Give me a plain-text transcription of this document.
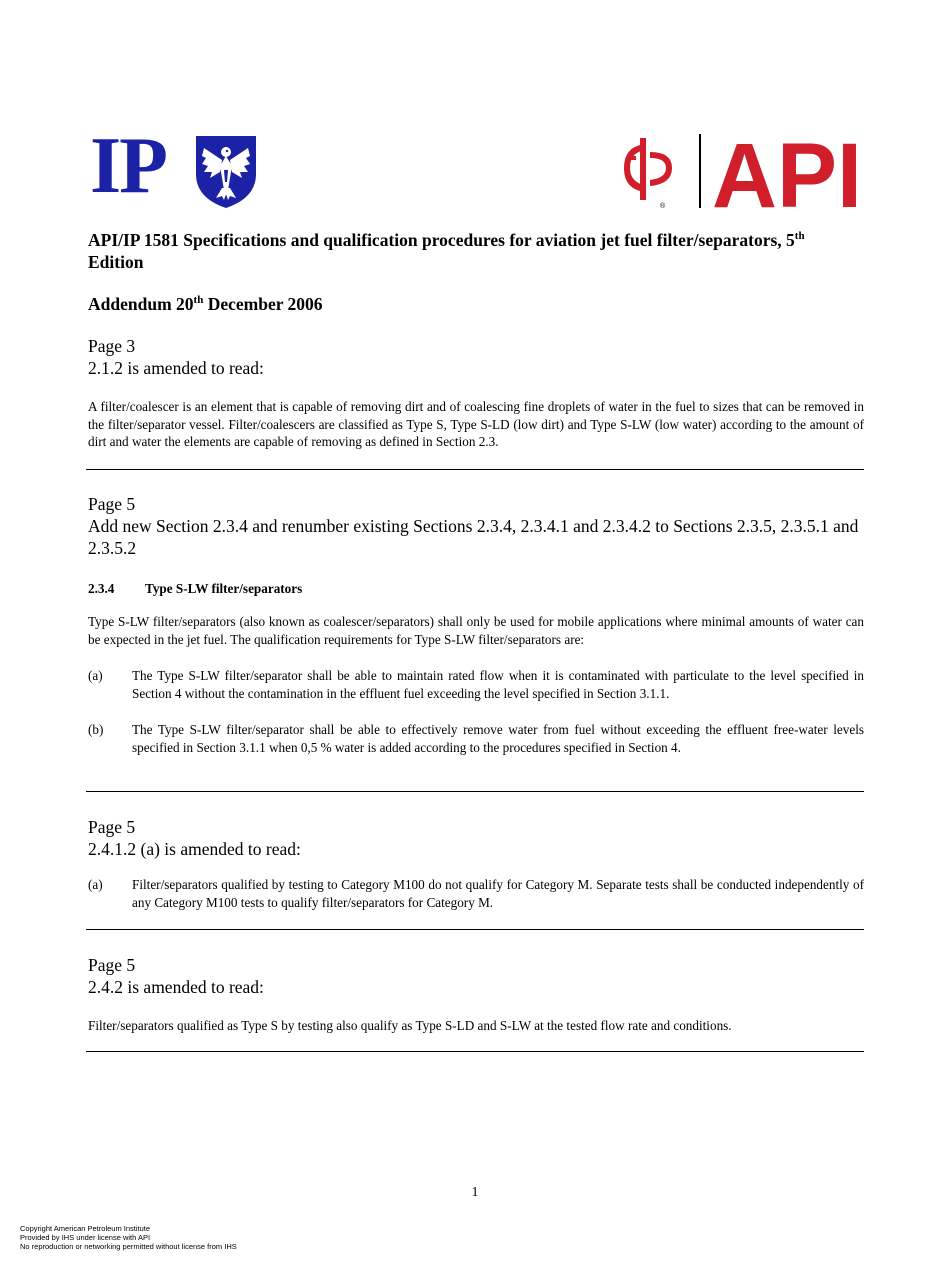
IP	® API
API/IP 1581 Specifications and qualification procedures for aviation jet fuel filter/separators, 5th
Edition
Addendum 20th December 2006
Page 3
2.1.2 is amended to read:
A filter/coalescer is an element that is capable of removing dirt and of coalescing fine droplets of water in the fuel to sizes that can be removed in the filter/separator vessel. Filter/coalescers are classified as Type S, Type S-LD (low dirt) and Type S-LW (low water) according to the amount of dirt and water the elements are capable of removing as defined in Section 2.3.
Page 5
Add new Section 2.3.4 and renumber existing Sections 2.3.4, 2.3.4.1 and 2.3.4.2 to Sections 2.3.5, 2.3.5.1 and 2.3.5.2
2.3.4 Type S-LW filter/separators
Type S-LW filter/separators (also known as coalescer/separators) shall only be used for mobile applications where minimal amounts of water can be expected in the jet fuel. The qualification requirements for Type S-LW filter/separators are:
(a) The Type S-LW filter/separator shall be able to maintain rated flow when it is contaminated with particulate to the level specified in Section 4 without the contamination in the effluent fuel exceeding the level specified in Section 3.1.1.
(b) The Type S-LW filter/separator shall be able to effectively remove water from fuel without exceeding the effluent free-water levels specified in Section 3.1.1 when 0,5 % water is added according to the procedures specified in Section 4.
Page 5
2.4.1.2 (a) is amended to read:
(a) Filter/separators qualified by testing to Category M100 do not qualify for Category M. Separate tests shall be conducted independently of any Category M100 tests to qualify filter/separators for Category M.
Page 5
2.4.2 is amended to read:
Filter/separators qualified as Type S by testing also qualify as Type S-LD and S-LW at the tested flow rate and conditions.
1
Copyright American Petroleum Institute
Provided by IHS under license with API
No reproduction or networking permitted without license from IHS
